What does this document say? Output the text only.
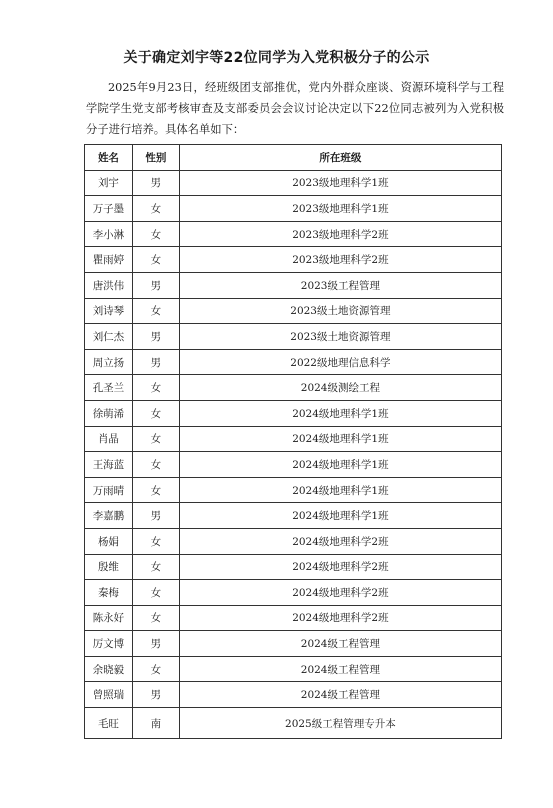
关于确定刘宇等22位同学为入党积极分子的公示
2025年9月23日，经班级团支部推优，党内外群众座谈、资源环境科学与工程学院学生党支部考核审查及支部委员会会议讨论决定以下22位同志被列为入党积极分子进行培养。具体名单如下：
姓名	性别	所在班级
刘宇	男	2023级地理科学1班
万子墨	女	2023级地理科学1班
李小淋	女	2023级地理科学2班
瞿雨婷	女	2023级地理科学2班
唐洪伟	男	2023级工程管理
刘诗琴	女	2023级土地资源管理
刘仁杰	男	2023级土地资源管理
周立扬	男	2022级地理信息科学
孔圣兰	女	2024级测绘工程
徐萌浠	女	2024级地理科学1班
肖晶	女	2024级地理科学1班
王海蓝	女	2024级地理科学1班
万雨晴	女	2024级地理科学1班
李嘉鹏	男	2024级地理科学1班
杨娟	女	2024级地理科学2班
殷维	女	2024级地理科学2班
秦梅	女	2024级地理科学2班
陈永好	女	2024级地理科学2班
厉文博	男	2024级工程管理
余晓毅	女	2024级工程管理
曾照瑞	男	2024级工程管理
毛旺	南	2025级工程管理专升本
